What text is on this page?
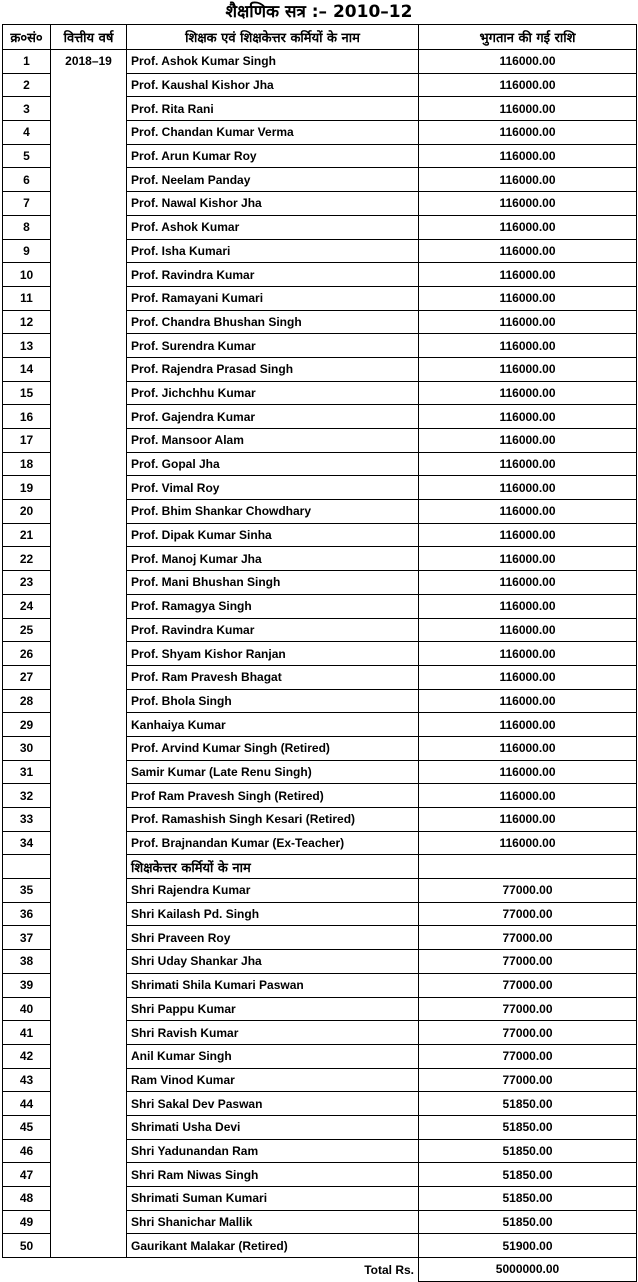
शैक्षणिक सत्र :– 2010–12
क्र०सं०	वित्तीय वर्ष	शिक्षक एवं शिक्षकेत्तर कर्मियों के नाम	भुगतान की गई राशि
1	2018–19	Prof. Ashok Kumar Singh	116000.00
2		Prof. Kaushal Kishor Jha	116000.00
3		Prof. Rita Rani	116000.00
4		Prof. Chandan Kumar Verma	116000.00
5		Prof. Arun Kumar Roy	116000.00
6		Prof. Neelam Panday	116000.00
7		Prof. Nawal Kishor Jha	116000.00
8		Prof. Ashok Kumar	116000.00
9		Prof. Isha Kumari	116000.00
10		Prof. Ravindra Kumar	116000.00
11		Prof. Ramayani Kumari	116000.00
12		Prof. Chandra Bhushan Singh	116000.00
13		Prof. Surendra Kumar	116000.00
14		Prof. Rajendra Prasad Singh	116000.00
15		Prof. Jichchhu Kumar	116000.00
16		Prof. Gajendra Kumar	116000.00
17		Prof. Mansoor Alam	116000.00
18		Prof. Gopal Jha	116000.00
19		Prof. Vimal Roy	116000.00
20		Prof. Bhim Shankar Chowdhary	116000.00
21		Prof. Dipak Kumar Sinha	116000.00
22		Prof. Manoj Kumar Jha	116000.00
23		Prof. Mani Bhushan Singh	116000.00
24		Prof. Ramagya Singh	116000.00
25		Prof. Ravindra Kumar	116000.00
26		Prof. Shyam Kishor Ranjan	116000.00
27		Prof. Ram Pravesh Bhagat	116000.00
28		Prof. Bhola Singh	116000.00
29		Kanhaiya Kumar	116000.00
30		Prof. Arvind Kumar Singh (Retired)	116000.00
31		Samir Kumar (Late Renu Singh)	116000.00
32		Prof Ram Pravesh Singh (Retired)	116000.00
33		Prof. Ramashish Singh Kesari (Retired)	116000.00
34		Prof. Brajnandan Kumar (Ex-Teacher)	116000.00
		शिक्षकेत्तर कर्मियों के नाम	
35		Shri Rajendra Kumar	77000.00
36		Shri Kailash Pd. Singh	77000.00
37		Shri Praveen Roy	77000.00
38		Shri Uday Shankar Jha	77000.00
39		Shrimati Shila Kumari Paswan	77000.00
40		Shri Pappu Kumar	77000.00
41		Shri Ravish Kumar	77000.00
42		Anil Kumar Singh	77000.00
43		Ram Vinod Kumar	77000.00
44		Shri Sakal Dev Paswan	51850.00
45		Shrimati Usha Devi	51850.00
46		Shri Yadunandan Ram	51850.00
47		Shri Ram Niwas Singh	51850.00
48		Shrimati Suman Kumari	51850.00
49		Shri Shanichar Mallik	51850.00
50		Gaurikant Malakar (Retired)	51900.00
Total Rs.			5000000.00
